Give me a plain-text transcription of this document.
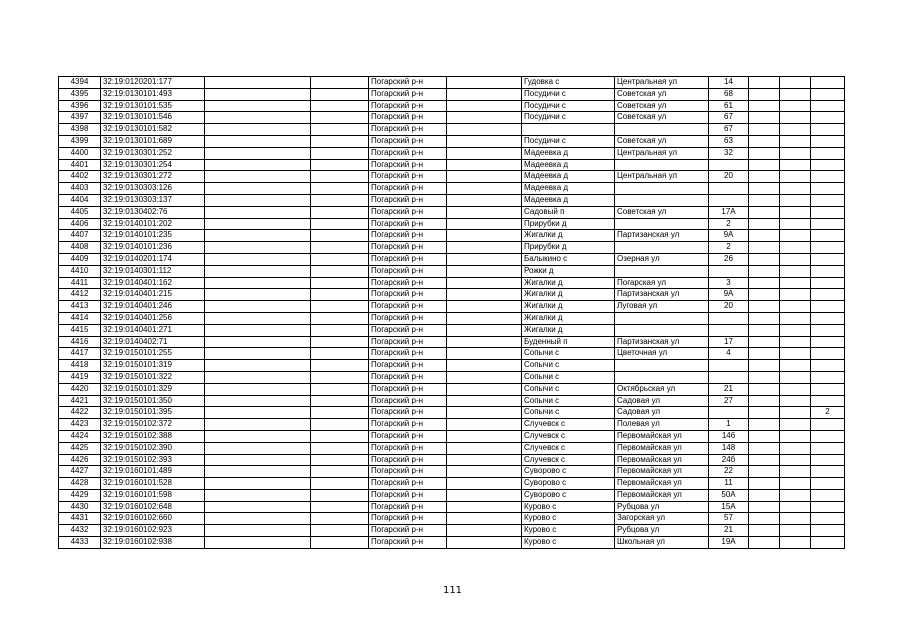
4394	32:19:0120201:177			Погарский р-н		Гудовка с	Центральная ул	14			
4395	32:19:0130101:493			Погарский р-н		Посудичи с	Советская ул	68			
4396	32:19:0130101:535			Погарский р-н		Посудичи с	Советская ул	61			
4397	32:19:0130101:546			Погарский р-н		Посудичи с	Советская ул	67			
4398	32:19:0130101:582			Погарский р-н				67			
4399	32:19:0130101:689			Погарский р-н		Посудичи с	Советская ул	63			
4400	32:19:0130301:252			Погарский р-н		Мадеевка д	Центральная ул	32			
4401	32:19:0130301:254			Погарский р-н		Мадеевка д					
4402	32:19:0130301:272			Погарский р-н		Мадеевка д	Центральная ул	20			
4403	32:19:0130303:126			Погарский р-н		Мадеевка д					
4404	32:19:0130303:137			Погарский р-н		Мадеевка д					
4405	32:19:0130402:76			Погарский р-н		Садовый п	Советская ул	17А			
4406	32:19:0140101:202			Погарский р-н		Прирубки д		2			
4407	32:19:0140101:235			Погарский р-н		Жигалки д	Партизанская ул	9А			
4408	32:19:0140101:236			Погарский р-н		Прирубки д		2			
4409	32:19:0140201:174			Погарский р-н		Балыкино с	Озерная ул	26			
4410	32:19:0140301:112			Погарский р-н		Рожки д					
4411	32:19:0140401:162			Погарский р-н		Жигалки д	Погарская ул	3			
4412	32:19:0140401:215			Погарский р-н		Жигалки д	Партизанская ул	9А			
4413	32:19:0140401:246			Погарский р-н		Жигалки д	Луговая ул	20			
4414	32:19:0140401:256			Погарский р-н		Жигалки д					
4415	32:19:0140401:271			Погарский р-н		Жигалки д					
4416	32:19:0140402:71			Погарский р-н		Буденный п	Партизанская ул	17			
4417	32:19:0150101:255			Погарский р-н		Сопычи с	Цветочная ул	4			
4418	32:19:0150101:319			Погарский р-н		Сопычи с					
4419	32:19:0150101:322			Погарский р-н		Сопычи с					
4420	32:19:0150101:329			Погарский р-н		Сопычи с	Октябрьская ул	21			
4421	32:19:0150101:350			Погарский р-н		Сопычи с	Садовая ул	27			
4422	32:19:0150101:395			Погарский р-н		Сопычи с	Садовая ул				2
4423	32:19:0150102:372			Погарский р-н		Случевск с	Полевая ул	1			
4424	32:19:0150102:388			Погарский р-н		Случевск с	Первомайская ул	146			
4425	32:19:0150102:390			Погарский р-н		Случевск с	Первомайская ул	148			
4426	32:19:0150102:393			Погарский р-н		Случевск с	Первомайская ул	24б			
4427	32:19:0160101:489			Погарский р-н		Суворово с	Первомайская ул	22			
4428	32:19:0160101:528			Погарский р-н		Суворово с	Первомайская ул	11			
4429	32:19:0160101:598			Погарский р-н		Суворово с	Первомайская ул	50А			
4430	32:19:0160102:648			Погарский р-н		Курово с	Рубцова ул	15А			
4431	32:19:0160102:660			Погарский р-н		Курово с	Загорская ул	57			
4432	32:19:0160102:923			Погарский р-н		Курово с	Рубцова ул	21			
4433	32:19:0160102:938			Погарский р-н		Курово с	Школьная ул	19А			
111
